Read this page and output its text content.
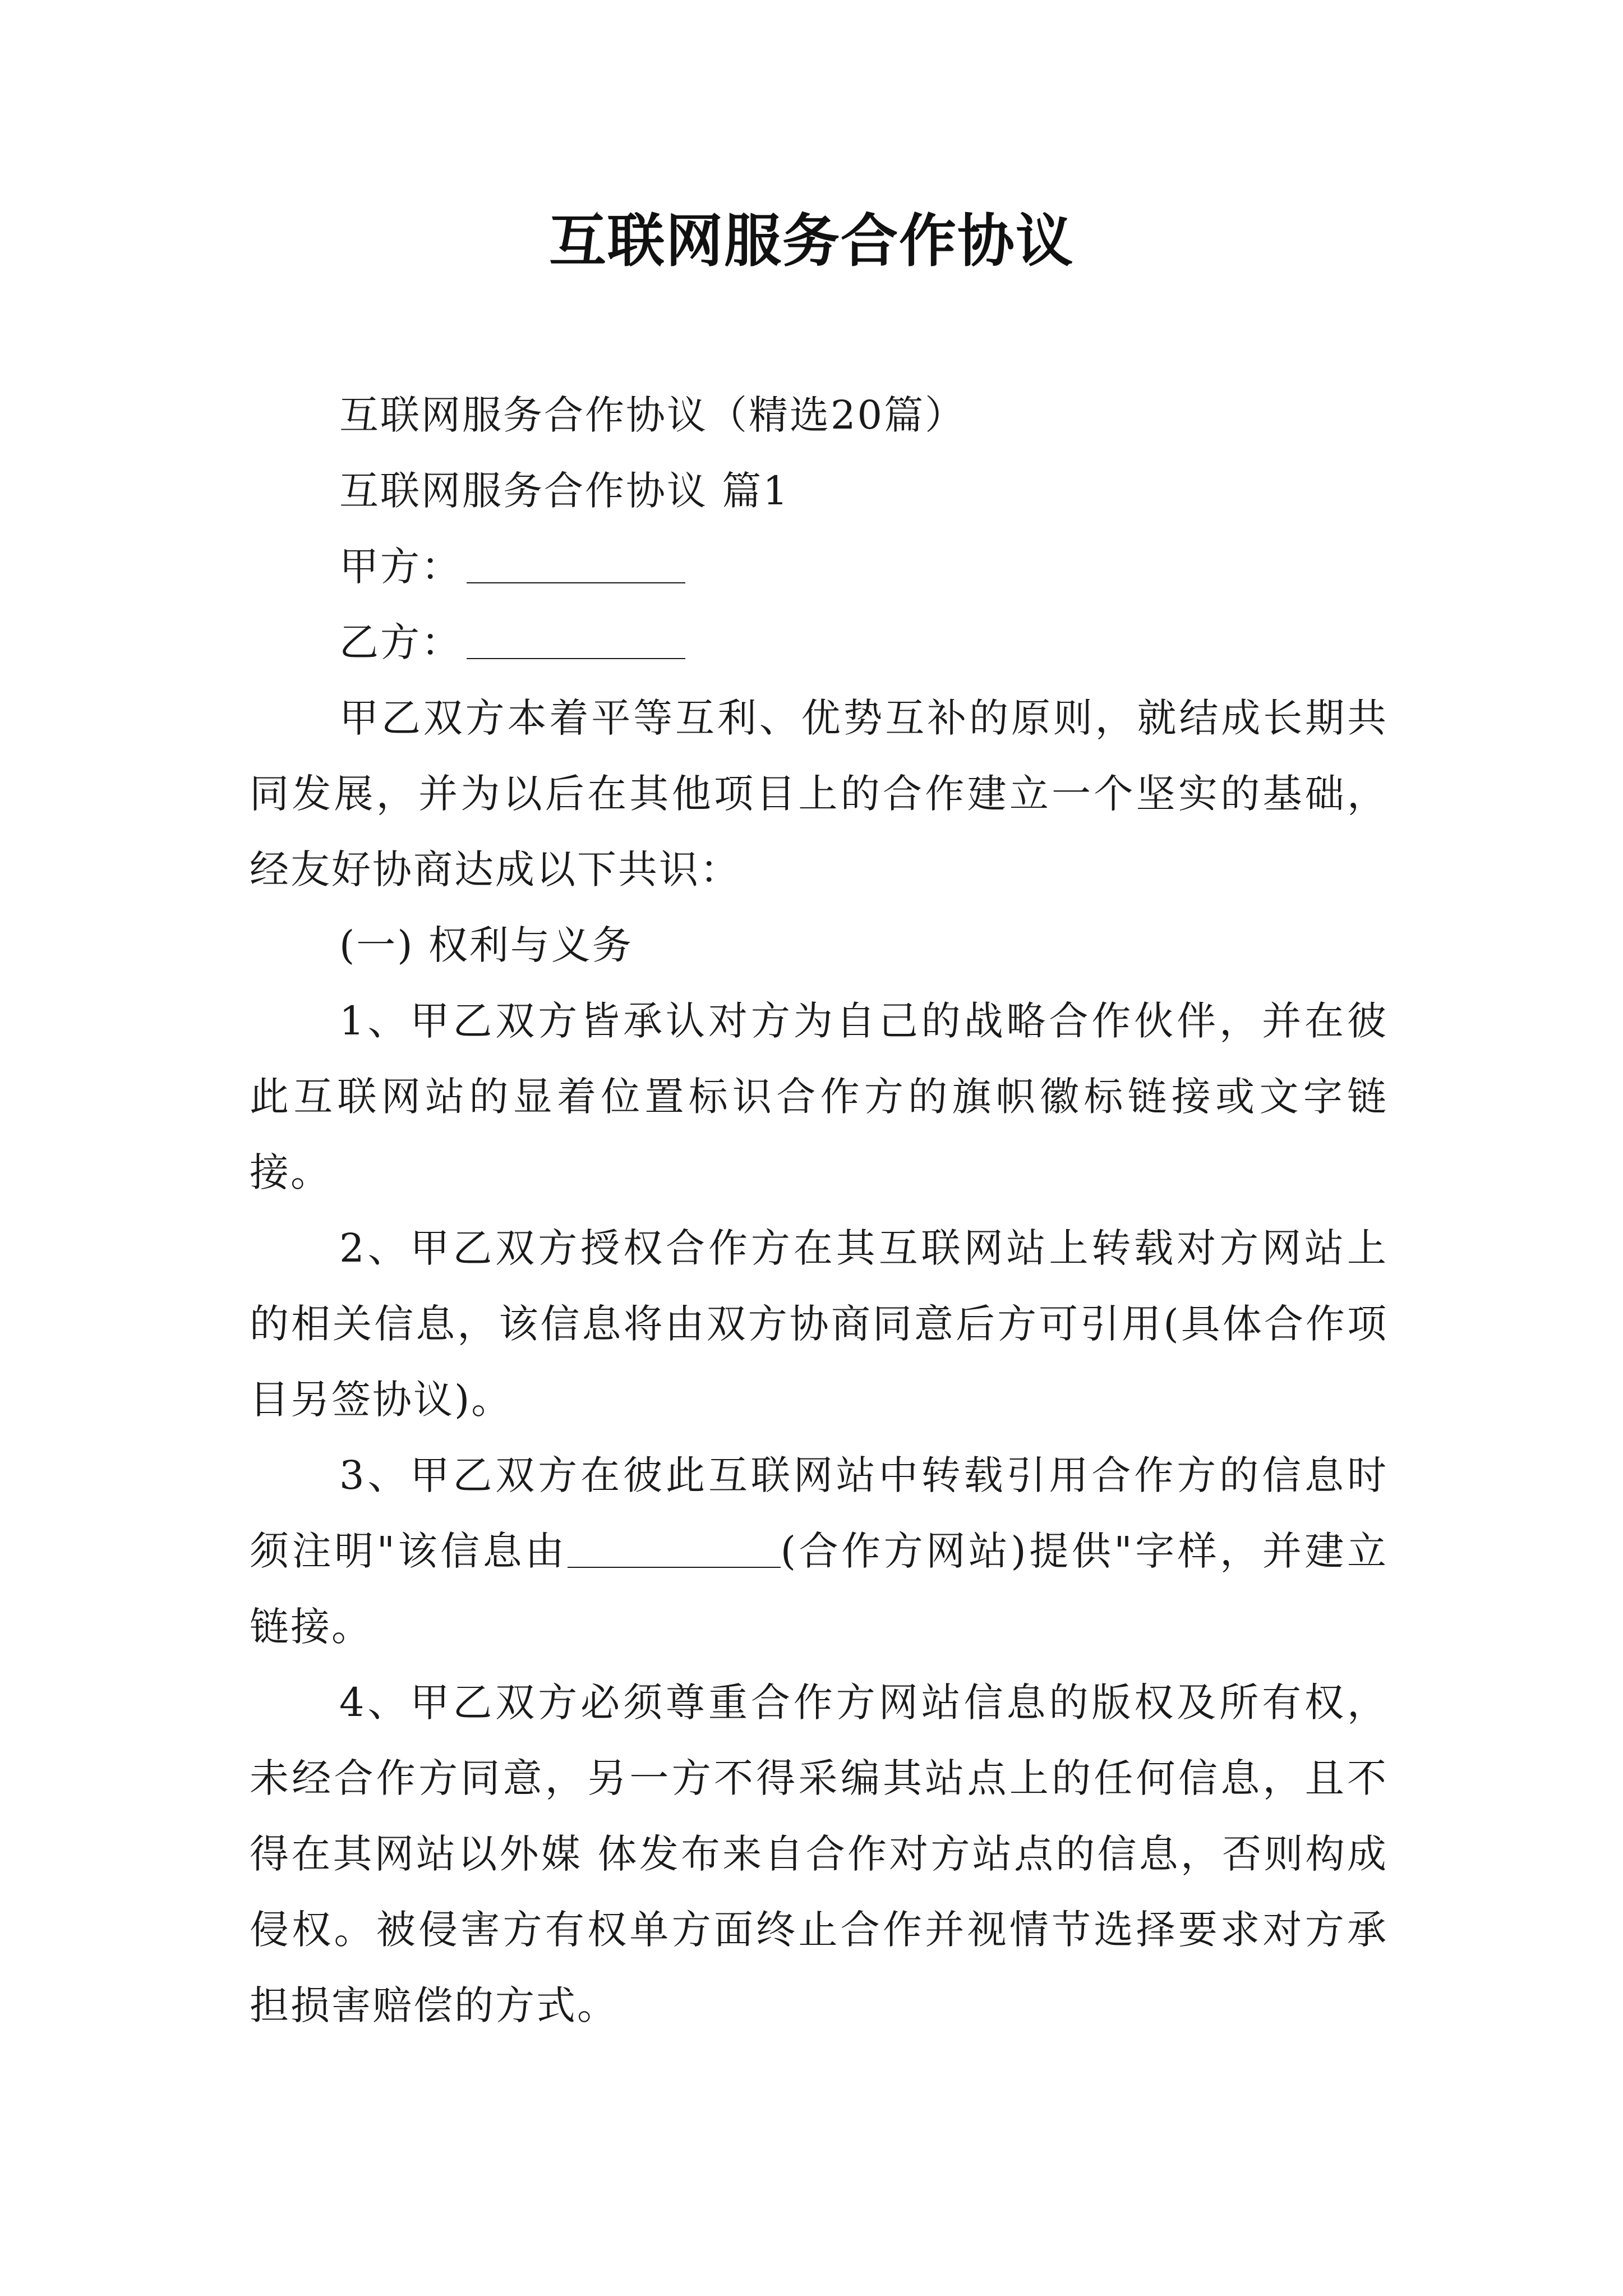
互联网服务合作协议

互联网服务合作协议（精选20篇）

互联网服务合作协议 篇1

甲方：

乙方：

甲乙双方本着平等互利、优势互补的原则，就结成长期共同发展，并为以后在其他项目上的合作建立一个坚实的基础，经友好协商达成以下共识：

(一) 权利与义务

1、甲乙双方皆承认对方为自己的战略合作伙伴，并在彼此互联网站的显着位置标识合作方的旗帜徽标链接或文字链接。

2、甲乙双方授权合作方在其互联网站上转载对方网站上的相关信息，该信息将由双方协商同意后方可引用(具体合作项目另签协议)。

3、甲乙双方在彼此互联网站中转载引用合作方的信息时须注明"该信息由	(合作方网站)提供"字样，并建立链接。

4、甲乙双方必须尊重合作方网站信息的版权及所有权，未经合作方同意，另一方不得采编其站点上的任何信息，且不得在其网站以外媒 体发布来自合作对方站点的信息，否则构成侵权。被侵害方有权单方面终止合作并视情节选择要求对方承担损害赔偿的方式。
